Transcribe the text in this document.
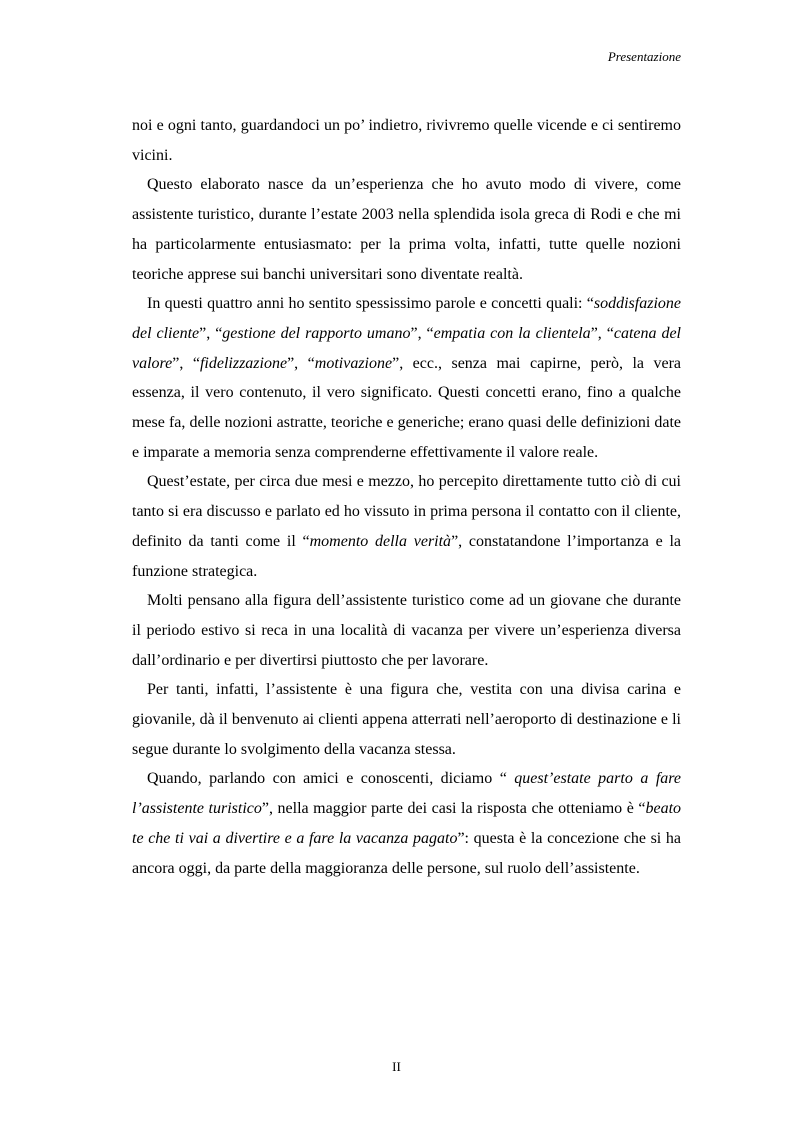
Presentazione

noi e ogni tanto, guardandoci un po’ indietro, rivivremo quelle vicende e ci sentiremo vicini.

Questo elaborato nasce da un’esperienza che ho avuto modo di vivere, come assistente turistico, durante l’estate 2003 nella splendida isola greca di Rodi e che mi ha particolarmente entusiasmato: per la prima volta, infatti, tutte quelle nozioni teoriche apprese sui banchi universitari sono diventate realtà.

In questi quattro anni ho sentito spessissimo parole e concetti quali: “soddisfazione del cliente”, “gestione del rapporto umano”, “empatia con la clientela”, “catena del valore”, “fidelizzazione”, “motivazione”, ecc., senza mai capirne, però, la vera essenza, il vero contenuto, il vero significato. Questi concetti erano, fino a qualche mese fa, delle nozioni astratte, teoriche e generiche; erano quasi delle definizioni date e imparate a memoria senza comprenderne effettivamente il valore reale.

Quest’estate, per circa due mesi e mezzo, ho percepito direttamente tutto ciò di cui tanto si era discusso e parlato ed ho vissuto in prima persona il contatto con il cliente, definito da tanti come il “momento della verità”, constatandone l’importanza e la funzione strategica.

Molti pensano alla figura dell’assistente turistico come ad un giovane che durante il periodo estivo si reca in una località di vacanza per vivere un’esperienza diversa dall’ordinario e per divertirsi piuttosto che per lavorare.

Per tanti, infatti, l’assistente è una figura che, vestita con una divisa carina e giovanile, dà il benvenuto ai clienti appena atterrati nell’aeroporto di destinazione e li segue durante lo svolgimento della vacanza stessa.

Quando, parlando con amici e conoscenti, diciamo “ quest’estate parto a fare l’assistente turistico”, nella maggior parte dei casi la risposta che otteniamo è “beato te che ti vai a divertire e a fare la vacanza pagato”: questa è la concezione che si ha ancora oggi, da parte della maggioranza delle persone, sul ruolo dell’assistente.

II
